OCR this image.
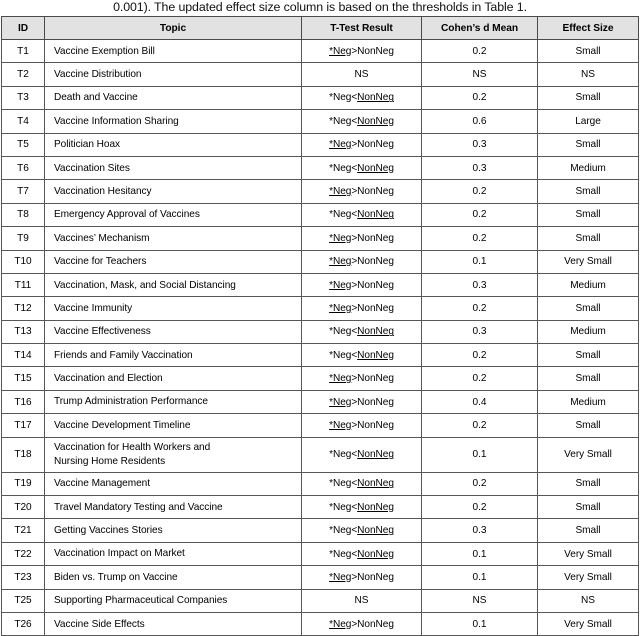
0.001). The updated effect size column is based on the thresholds in Table 1.
ID	Topic	T-Test Result	Cohen’s d Mean	Effect Size
T1	Vaccine Exemption Bill	*Neg>NonNeg	0.2	Small
T2	Vaccine Distribution	NS	NS	NS
T3	Death and Vaccine	*Neg<NonNeg	0.2	Small
T4	Vaccine Information Sharing	*Neg<NonNeg	0.6	Large
T5	Politician Hoax	*Neg>NonNeg	0.3	Small
T6	Vaccination Sites	*Neg<NonNeg	0.3	Medium
T7	Vaccination Hesitancy	*Neg>NonNeg	0.2	Small
T8	Emergency Approval of Vaccines	*Neg<NonNeg	0.2	Small
T9	Vaccines’ Mechanism	*Neg>NonNeg	0.2	Small
T10	Vaccine for Teachers	*Neg>NonNeg	0.1	Very Small
T11	Vaccination, Mask, and Social Distancing	*Neg>NonNeg	0.3	Medium
T12	Vaccine Immunity	*Neg>NonNeg	0.2	Small
T13	Vaccine Effectiveness	*Neg<NonNeg	0.3	Medium
T14	Friends and Family Vaccination	*Neg<NonNeg	0.2	Small
T15	Vaccination and Election	*Neg>NonNeg	0.2	Small
T16	Trump Administration Performance	*Neg>NonNeg	0.4	Medium
T17	Vaccine Development Timeline	*Neg>NonNeg	0.2	Small
T18	Vaccination for Health Workers and
Nursing Home Residents	*Neg<NonNeg	0.1	Very Small
T19	Vaccine Management	*Neg<NonNeg	0.2	Small
T20	Travel Mandatory Testing and Vaccine	*Neg<NonNeg	0.2	Small
T21	Getting Vaccines Stories	*Neg<NonNeg	0.3	Small
T22	Vaccination Impact on Market	*Neg<NonNeg	0.1	Very Small
T23	Biden vs. Trump on Vaccine	*Neg>NonNeg	0.1	Very Small
T25	Supporting Pharmaceutical Companies	NS	NS	NS
T26	Vaccine Side Effects	*Neg>NonNeg	0.1	Very Small
